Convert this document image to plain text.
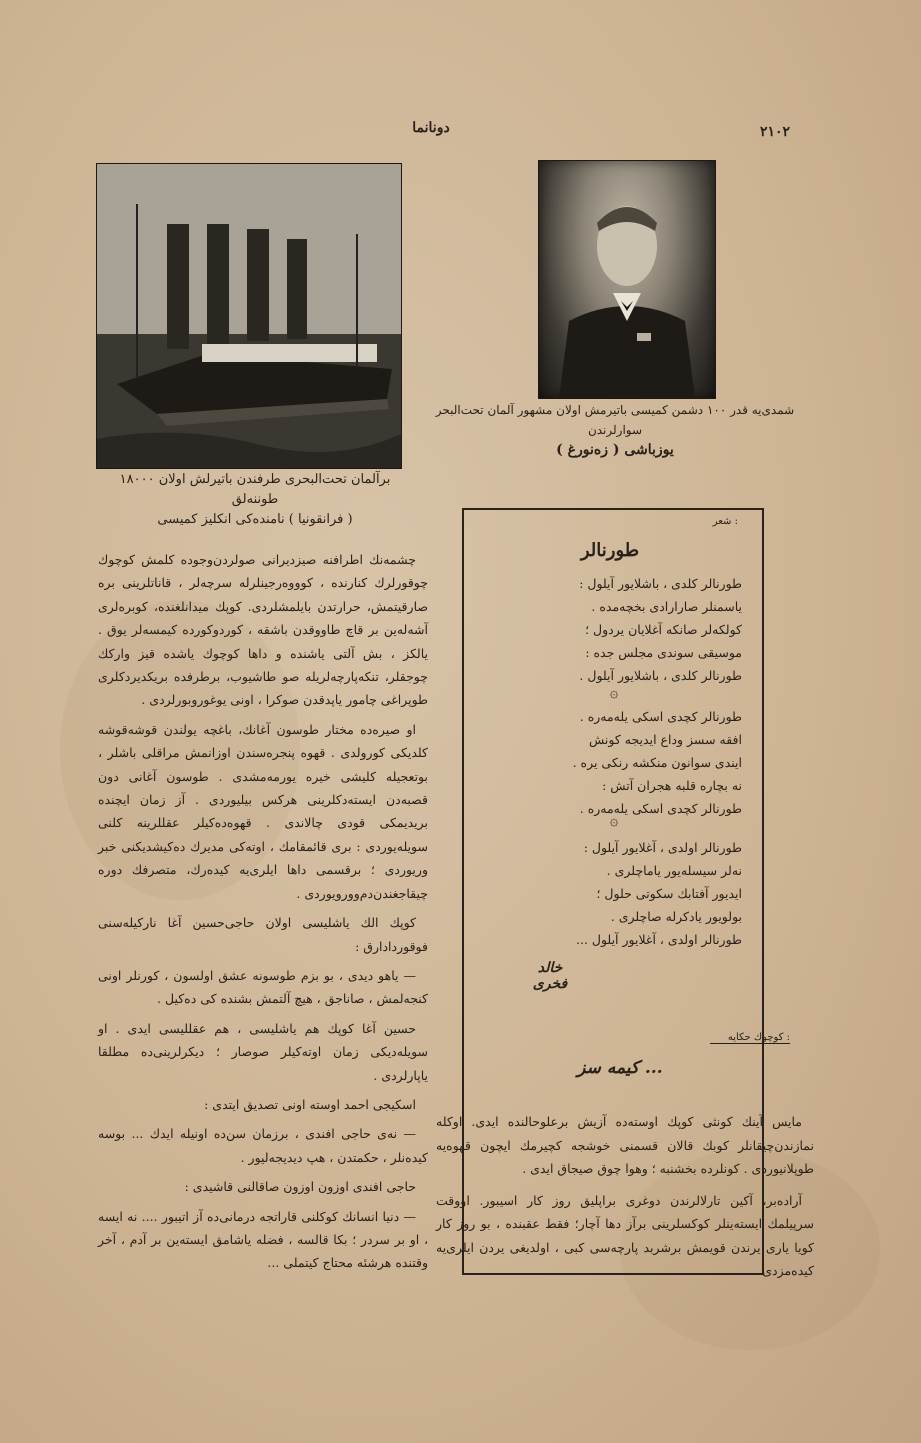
دونانما	٢١٠٢
برآلمان تحت‌البحری طرفندن باتیرلش اولان ۱۸۰۰۰ طوننه‌لق
( فرانقونیا ) نامنده‌کی انکلیز کمیسی
شمدی‌یه قدر ۱۰۰ دشمن کمیسی باتیرمش اولان مشهور آلمان تحت‌البحر
سوارلرندن
یوزباشی ( زه‌نورغ )

چشمه‌نك اطرافنه صیزدیرانی صولردن‌وجوده کلمش کوچوك چوقورلرك کنارنده ، کوووه‌رجینلرله سرچه‌لر ، قاناتلرینی بره صارقیتمش، حرارتدن بایلمشلردی. کوپك میدانلغنده، کوبرەلری آشه‌له‌ین بر قاچ طاووقدن باشقه ، کوردوکورده کیمسه‌لر یوق . یالکز ، بش آلتی یاشنده و داها کوچوك یاشده قیز وارکك چوجقلر، تنکه‌پارچه‌لریله صو طاشیوب، برطرفده بریکدیردکلری طوپراغی چامور یاپدقدن صوکرا ، اونی یوغوروبورلردی .

او صیره‌ده مختار طوسون آغانك، باغچه یولندن قوشه‌قوشه کلدیکی کورولدی . قهوه پنجره‌سندن اوزانمش مراقلی باشلر ، بوتعجیله کلیشی خیره یورمه‌مشدی . طوسون آغانی دون قصبه‌دن ایسته‌دکلرینی هرکس بیلیوردی . آز زمان ایچنده بریدیمکی قودی چالاندی . قهوه‌ده‌کیلر عقللرینه کلنی سویله‌یوردی : بری قائمقامك ، اوته‌کی مدیرك دەکیشدیکنی خبر وریوردی ؛ برقسمی داها ایلری‌یه کیده‌رك، متصرفك دوره چیقاجغندن‌دم‌وورویوردی .

کوپك الك یاشلیسی اولان حاجی‌حسین آغا نارکیله‌سنی فوقوردادارق :

— یاهو دیدی ، بو بزم طوسونه عشق اولسون ، کورنلر اونی کنجه‌لمش ، صاناجق ، هیچ آلتمش بشنده کی ده‌کیل .

حسین آغا کوپك هم یاشلیسی ، هم عقللیسی ایدی . او سویله‌دیکی زمان اوته‌کیلر صوصار ؛ دیکرلرینی‌ده مطلقا یاپارلردی .

اسکیجی احمد اوسته اونی تصدیق ایتدی :

— نه‌ی حاجی افندی ، برزمان سن‌ده اونیله ایدك ... بوسه کیده‌نلر ، حکمتدن ، هپ دیدیجه‌لیور .

حاجی افندی اوزون اوزون صاقالنی قاشیدی :

— دنیا انسانك کوکلنی قاراتجه درمانی‌ده آز اتیبور .... نه ایسه ، او بر سردر ؛ بکا قالسه ، فضله یاشامق ایسته‌ین بر آدم ، آخر وقتنده هرشئه محتاج کیتملی ...

شعر :
طورنالر

طورنالر کلدی ، باشلایور آیلول :

یاسمنلر صارارادی بخچه‌مده .

کولکه‌لر صانکه آغلایان یردول ؛

موسیقی سوندی مجلس جده :

طورنالر کلدی ، باشلایور آیلول .

۞

طورنالر کچدی اسکی یله‌مه‌ره .

افقه سسز وداع ایدیجه کونش

ایندی سوانون منکشه رنکی یره .

نه بچاره قلبه هجران آتش :

طورنالر کچدی اسکی یله‌مه‌ره .

۞

طورنالر اولدی ، آغلایور آیلول :

نه‌لر سیسله‌یور یاماچلری .

ایدیور آفتابك سکوتی حلول ؛

بولویور یادکرله صاچلری .

طورنالر اولدی ، آغلایور آیلول ...

خالد فخری
کوچوك حکایه :
کیمه سز ...

مایس آینك کونثی کوپك اوسته‌ده آزیش برعلوحالنده ایدی. اوکله نمازندن‌چیقانلر کوبك قالان قسمنی خوشجه کچیرمك ایچون قهوه‌یه طوپلانیوردی . کونلرده بخشنبه ؛ وهوا چوق صیجاق ایدی .

آرادەبر، آکین تارلالرندن دوغری براپلیق روز کار اسیبور. اووقت سرپیلمك ایسته‌ینلر کوکسلرینی برآز دها آچار؛ فقط عقبنده ، بو روز کار کویا یاری یرندن قویمش برشربد پارچه‌سی کبی ، اولدیغی یردن ایلری‌یه کیده‌مزدی .
